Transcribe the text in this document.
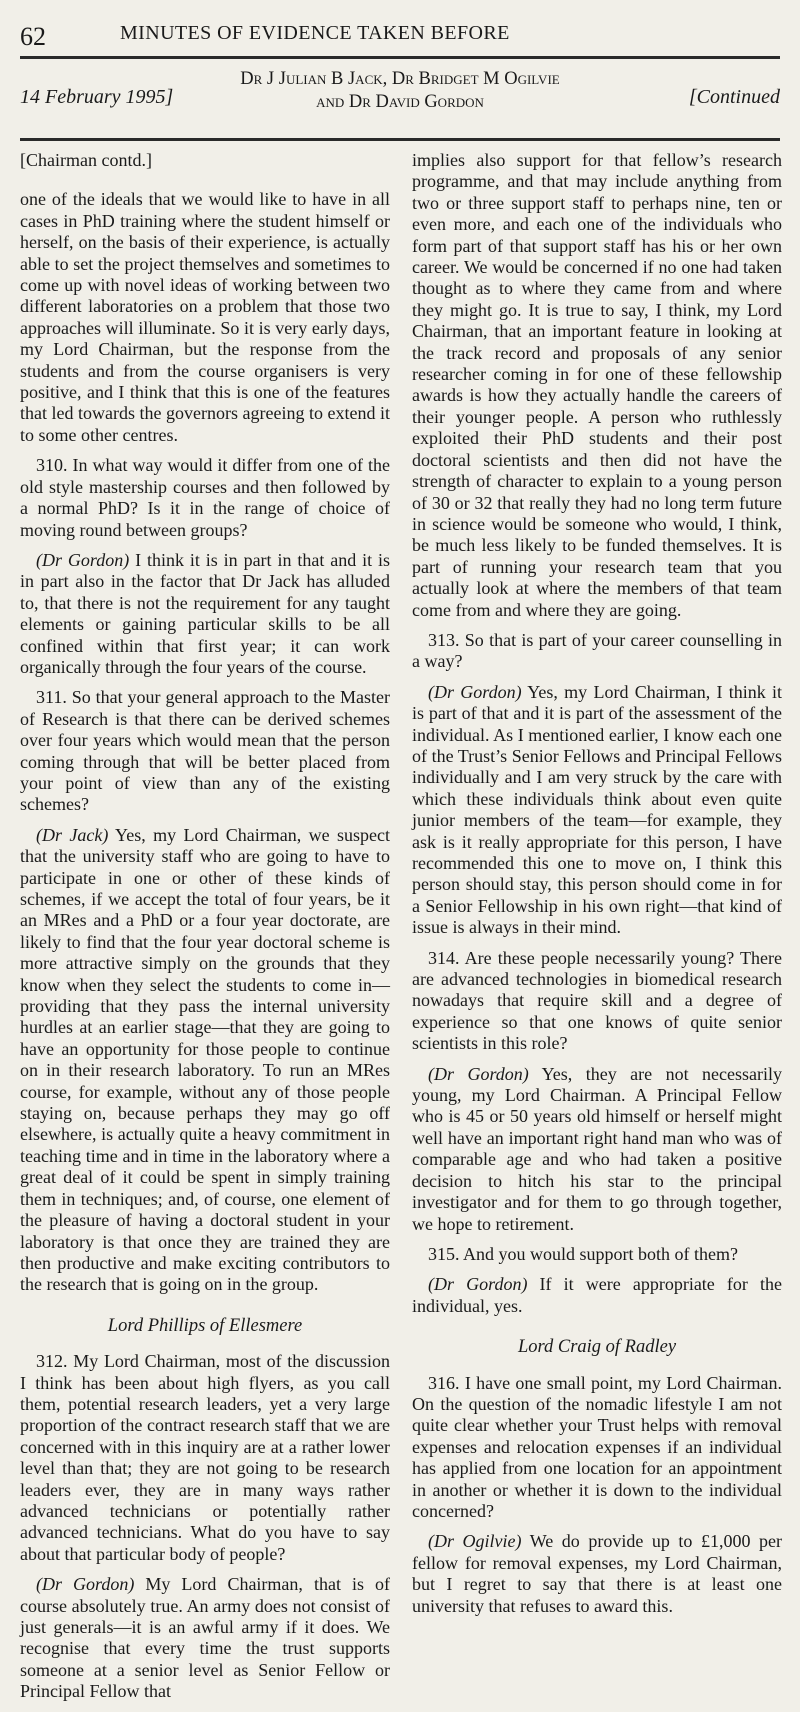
62	MINUTES OF EVIDENCE TAKEN BEFORE
14 February 1995]
Dr J Julian B Jack, Dr Bridget M Ogilvie
and Dr David Gordon	[Continued
[Chairman contd.]

one of the ideals that we would like to have in all cases in PhD training where the student himself or herself, on the basis of their experience, is actually able to set the project themselves and sometimes to come up with novel ideas of working between two different laboratories on a problem that those two approaches will illuminate. So it is very early days, my Lord Chairman, but the response from the students and from the course organisers is very positive, and I think that this is one of the features that led towards the governors agreeing to extend it to some other centres.

310. In what way would it differ from one of the old style mastership courses and then followed by a normal PhD? Is it in the range of choice of moving round between groups?

(Dr Gordon) I think it is in part in that and it is in part also in the factor that Dr Jack has alluded to, that there is not the requirement for any taught elements or gaining particular skills to be all confined within that first year; it can work organically through the four years of the course.

311. So that your general approach to the Master of Research is that there can be derived schemes over four years which would mean that the person coming through that will be better placed from your point of view than any of the existing schemes?

(Dr Jack) Yes, my Lord Chairman, we suspect that the university staff who are going to have to participate in one or other of these kinds of schemes, if we accept the total of four years, be it an MRes and a PhD or a four year doctorate, are likely to find that the four year doctoral scheme is more attractive simply on the grounds that they know when they select the students to come in—providing that they pass the internal university hurdles at an earlier stage—that they are going to have an opportunity for those people to continue on in their research laboratory. To run an MRes course, for example, without any of those people staying on, because perhaps they may go off elsewhere, is actually quite a heavy commitment in teaching time and in time in the laboratory where a great deal of it could be spent in simply training them in techniques; and, of course, one element of the pleasure of having a doctoral student in your laboratory is that once they are trained they are then productive and make exciting contributors to the research that is going on in the group.

Lord Phillips of Ellesmere

312. My Lord Chairman, most of the discussion I think has been about high flyers, as you call them, potential research leaders, yet a very large proportion of the contract research staff that we are concerned with in this inquiry are at a rather lower level than that; they are not going to be research leaders ever, they are in many ways rather advanced technicians or potentially rather advanced technicians. What do you have to say about that particular body of people?

(Dr Gordon) My Lord Chairman, that is of course absolutely true. An army does not consist of just generals—it is an awful army if it does. We recognise that every time the trust supports someone at a senior level as Senior Fellow or Principal Fellow that

implies also support for that fellow’s research programme, and that may include anything from two or three support staff to perhaps nine, ten or even more, and each one of the individuals who form part of that support staff has his or her own career. We would be concerned if no one had taken thought as to where they came from and where they might go. It is true to say, I think, my Lord Chairman, that an important feature in looking at the track record and proposals of any senior researcher coming in for one of these fellowship awards is how they actually handle the careers of their younger people. A person who ruthlessly exploited their PhD students and their post doctoral scientists and then did not have the strength of character to explain to a young person of 30 or 32 that really they had no long term future in science would be someone who would, I think, be much less likely to be funded themselves. It is part of running your research team that you actually look at where the members of that team come from and where they are going.

313. So that is part of your career counselling in a way?

(Dr Gordon) Yes, my Lord Chairman, I think it is part of that and it is part of the assessment of the individual. As I mentioned earlier, I know each one of the Trust’s Senior Fellows and Principal Fellows individually and I am very struck by the care with which these individuals think about even quite junior members of the team—for example, they ask is it really appropriate for this person, I have recommended this one to move on, I think this person should stay, this person should come in for a Senior Fellowship in his own right—that kind of issue is always in their mind.

314. Are these people necessarily young? There are advanced technologies in biomedical research nowadays that require skill and a degree of experience so that one knows of quite senior scientists in this role?

(Dr Gordon) Yes, they are not necessarily young, my Lord Chairman. A Principal Fellow who is 45 or 50 years old himself or herself might well have an important right hand man who was of comparable age and who had taken a positive decision to hitch his star to the principal investigator and for them to go through together, we hope to retirement.

315. And you would support both of them?

(Dr Gordon) If it were appropriate for the individual, yes.

Lord Craig of Radley

316. I have one small point, my Lord Chairman. On the question of the nomadic lifestyle I am not quite clear whether your Trust helps with removal expenses and relocation expenses if an individual has applied from one location for an appointment in another or whether it is down to the individual concerned?

(Dr Ogilvie) We do provide up to £1,000 per fellow for removal expenses, my Lord Chairman, but I regret to say that there is at least one university that refuses to award this.
